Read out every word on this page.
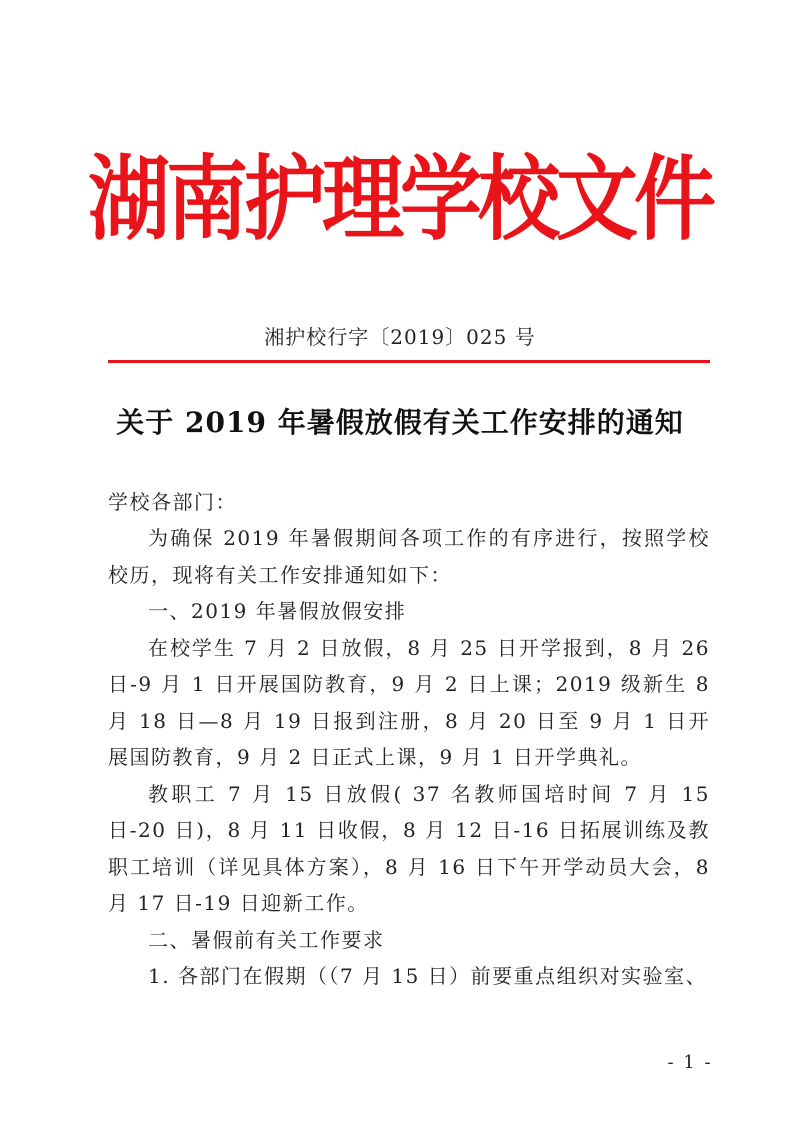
湖南护理学校文件
湘护校行字〔2019〕025 号
关于 2019 年暑假放假有关工作安排的通知

学校各部门：

为确保 2019 年暑假期间各项工作的有序进行，按照学校校历，现将有关工作安排通知如下：

一、2019 年暑假放假安排

在校学生 7 月 2 日放假，8 月 25 日开学报到，8 月 26 日-9 月 1 日开展国防教育，9 月 2 日上课；2019 级新生 8 月 18 日—8 月 19 日报到注册，8 月 20 日至 9 月 1 日开展国防教育，9 月 2 日正式上课，9 月 1 日开学典礼。

教职工 7 月 15 日放假( 37 名教师国培时间 7 月 15 日-20 日)，8 月 11 日收假，8 月 12 日-16 日拓展训练及教职工培训（详见具体方案），8 月 16 日下午开学动员大会，8 月 17 日-19 日迎新工作。

二、暑假前有关工作要求

1. 各部门在假期（（7 月 15 日）前要重点组织对实验室、

- 1 -
